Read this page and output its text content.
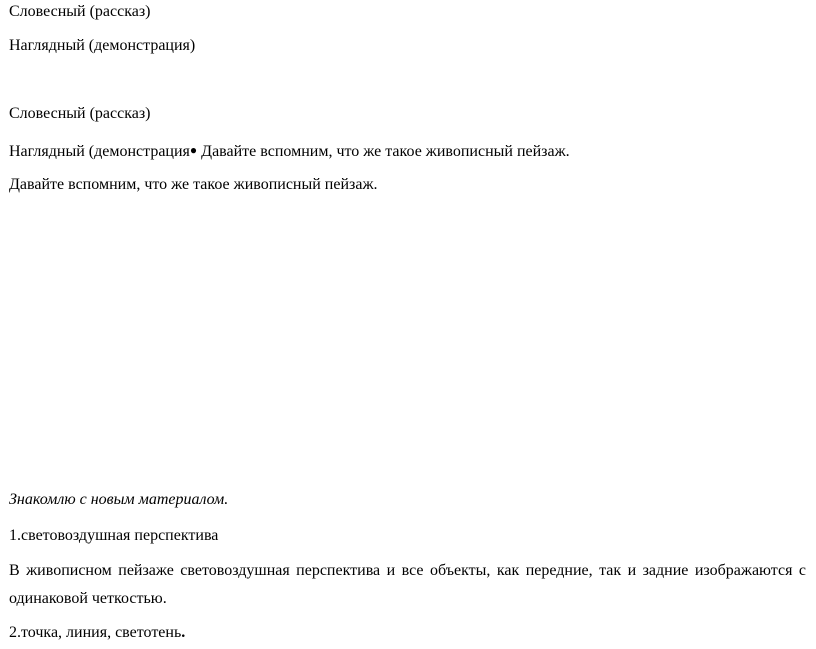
Словесный (рассказ)
Наглядный (демонстрация)
Словесный (рассказ)
Наглядный (демонстрация● Давайте вспомним, что же такое живописный пейзаж.
Давайте вспомним, что же такое живописный пейзаж.
Знакомлю с новым материалом.
1.световоздушная перспектива
В живописном пейзаже световоздушная перспектива и все объекты, как передние, так и задние изображаются с
одинаковой четкостью.
2.точка, линия, светотень.
